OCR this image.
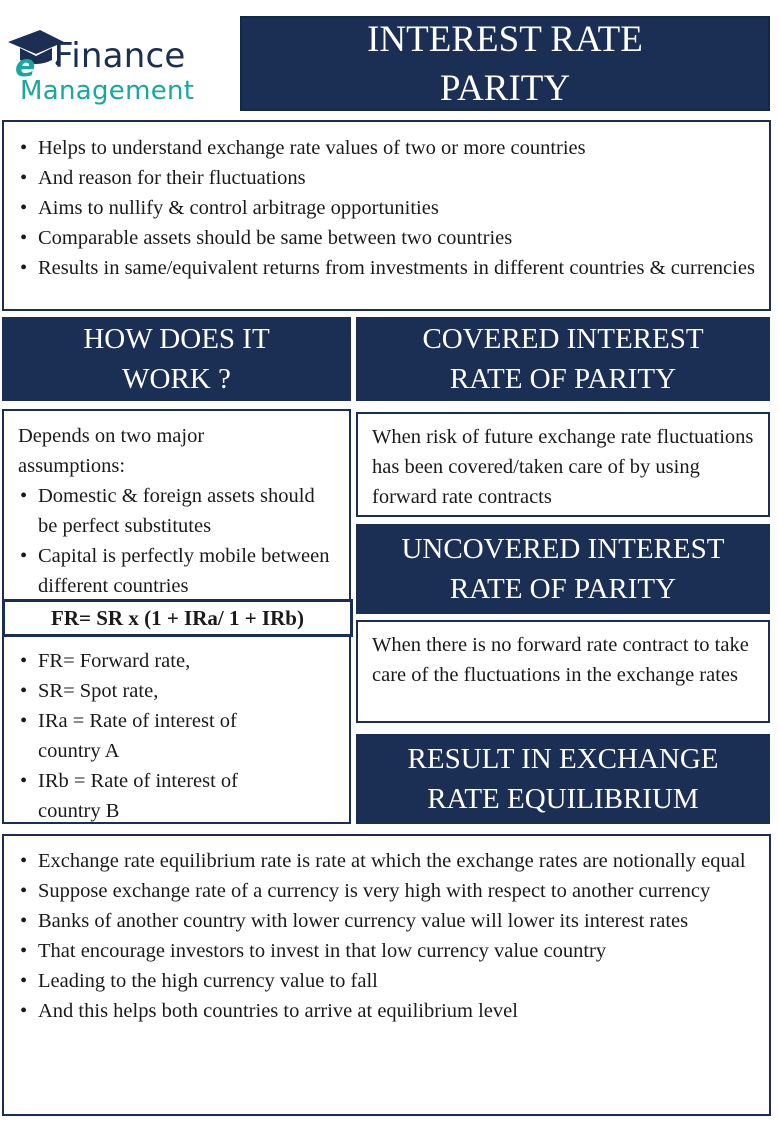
e Finance
Management
INTEREST RATE
PARITY
• Helps to understand exchange rate values of two or more countries
• And reason for their fluctuations
• Aims to nullify & control arbitrage opportunities
• Comparable assets should be same between two countries
• Results in same/equivalent returns from investments in different countries & currencies
HOW DOES IT
WORK ?
COVERED INTEREST
RATE OF PARITY

Depends on two major assumptions:

• Domestic & foreign assets should be perfect substitutes
• Capital is perfectly mobile between different countries
• FR= Forward rate,
• SR= Spot rate,
• IRa = Rate of interest of country A
• IRb = Rate of interest of country B
FR= SR x (1 + IRa/ 1 + IRb)

When risk of future exchange rate fluctuations has been covered/taken care of by using forward rate contracts

UNCOVERED INTEREST
RATE OF PARITY

When there is no forward rate contract to take care of the fluctuations in the exchange rates

RESULT IN EXCHANGE
RATE EQUILIBRIUM
• Exchange rate equilibrium rate is rate at which the exchange rates are notionally equal
• Suppose exchange rate of a currency is very high with respect to another currency
• Banks of another country with lower currency value will lower its interest rates
• That encourage investors to invest in that low currency value country
• Leading to the high currency value to fall
• And this helps both countries to arrive at equilibrium level
